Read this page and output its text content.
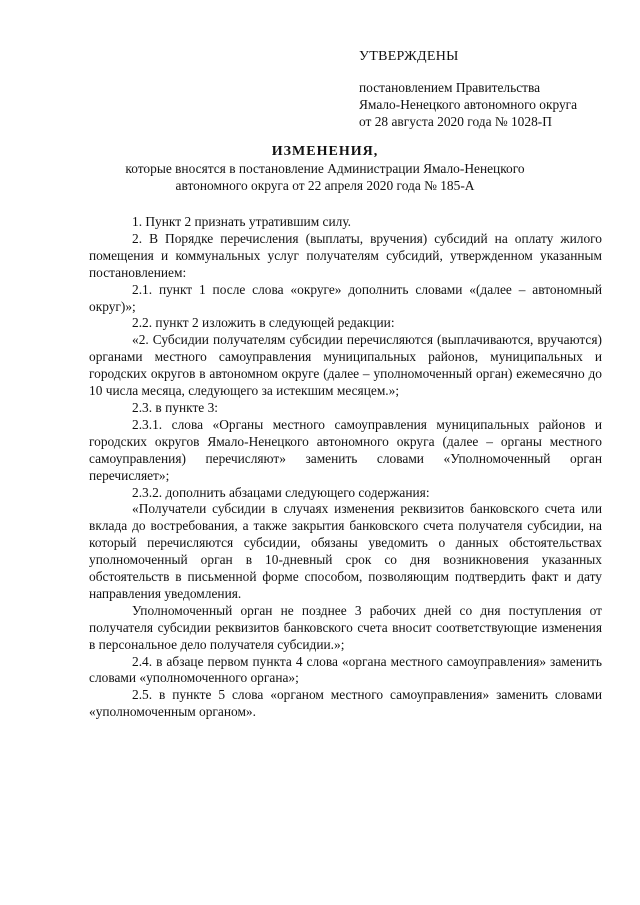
УТВЕРЖДЕНЫ
постановлением Правительства
Ямало-Ненецкого автономного округа
от 28 августа 2020 года № 1028-П
ИЗМЕНЕНИЯ,
которые вносятся в постановление Администрации Ямало-Ненецкого
автономного округа от 22 апреля 2020 года № 185-А

1. Пункт 2 признать утратившим силу.

2. В Порядке перечисления (выплаты, вручения) субсидий на оплату жилого помещения и коммунальных услуг получателям субсидий, утвержденном указанным постановлением:

2.1. пункт 1 после слова «округе» дополнить словами «(далее – автономный округ)»;

2.2. пункт 2 изложить в следующей редакции:

«2. Субсидии получателям субсидии перечисляются (выплачиваются, вручаются) органами местного самоуправления муниципальных районов, муниципальных и городских округов в автономном округе (далее – уполномоченный орган) ежемесячно до 10 числа месяца, следующего за истекшим месяцем.»;

2.3. в пункте 3:

2.3.1. слова «Органы местного самоуправления муниципальных районов и городских округов Ямало-Ненецкого автономного округа (далее – органы местного самоуправления) перечисляют» заменить словами «Уполномоченный орган перечисляет»;

2.3.2. дополнить абзацами следующего содержания:

«Получатели субсидии в случаях изменения реквизитов банковского счета или вклада до востребования, а также закрытия банковского счета получателя субсидии, на который перечисляются субсидии, обязаны уведомить о данных обстоятельствах уполномоченный орган в 10-дневный срок со дня возникновения указанных обстоятельств в письменной форме способом, позволяющим подтвердить факт и дату направления уведомления.

Уполномоченный орган не позднее 3 рабочих дней со дня поступления от получателя субсидии реквизитов банковского счета вносит соответствующие изменения в персональное дело получателя субсидии.»;

2.4. в абзаце первом пункта 4 слова «органа местного самоуправления» заменить словами «уполномоченного органа»;

2.5. в пункте 5 слова «органом местного самоуправления» заменить словами «уполномоченным органом».
